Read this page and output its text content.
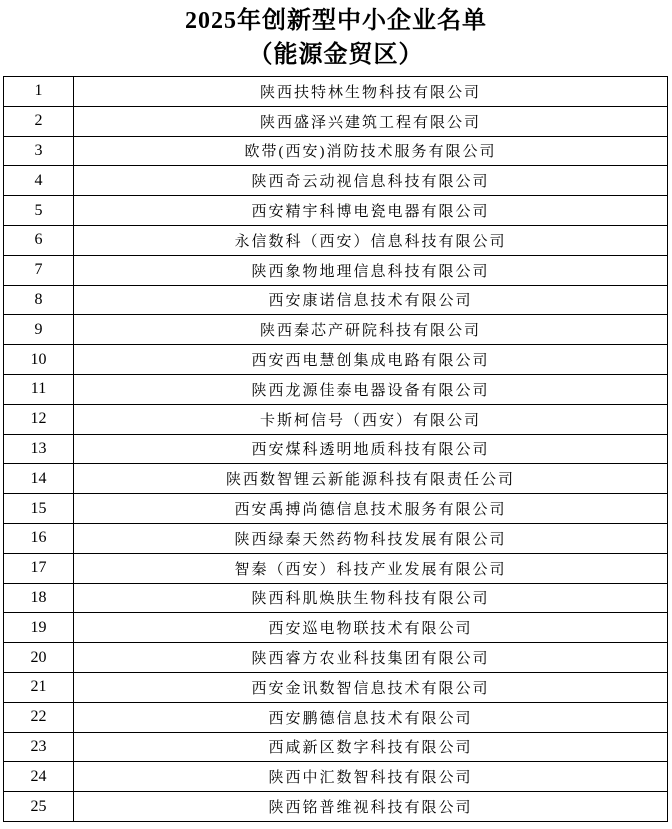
2025年创新型中小企业名单
（能源金贸区）
1	陕西扶特林生物科技有限公司
2	陕西盛泽兴建筑工程有限公司
3	欧带(西安)消防技术服务有限公司
4	陕西奇云动视信息科技有限公司
5	西安精宇科博电瓷电器有限公司
6	永信数科（西安）信息科技有限公司
7	陕西象物地理信息科技有限公司
8	西安康诺信息技术有限公司
9	陕西秦芯产研院科技有限公司
10	西安西电慧创集成电路有限公司
11	陕西龙源佳泰电器设备有限公司
12	卡斯柯信号（西安）有限公司
13	西安煤科透明地质科技有限公司
14	陕西数智锂云新能源科技有限责任公司
15	西安禹搏尚德信息技术服务有限公司
16	陕西绿秦天然药物科技发展有限公司
17	智秦（西安）科技产业发展有限公司
18	陕西科肌焕肤生物科技有限公司
19	西安巡电物联技术有限公司
20	陕西睿方农业科技集团有限公司
21	西安金讯数智信息技术有限公司
22	西安鹏德信息技术有限公司
23	西咸新区数字科技有限公司
24	陕西中汇数智科技有限公司
25	陕西铭普维视科技有限公司
